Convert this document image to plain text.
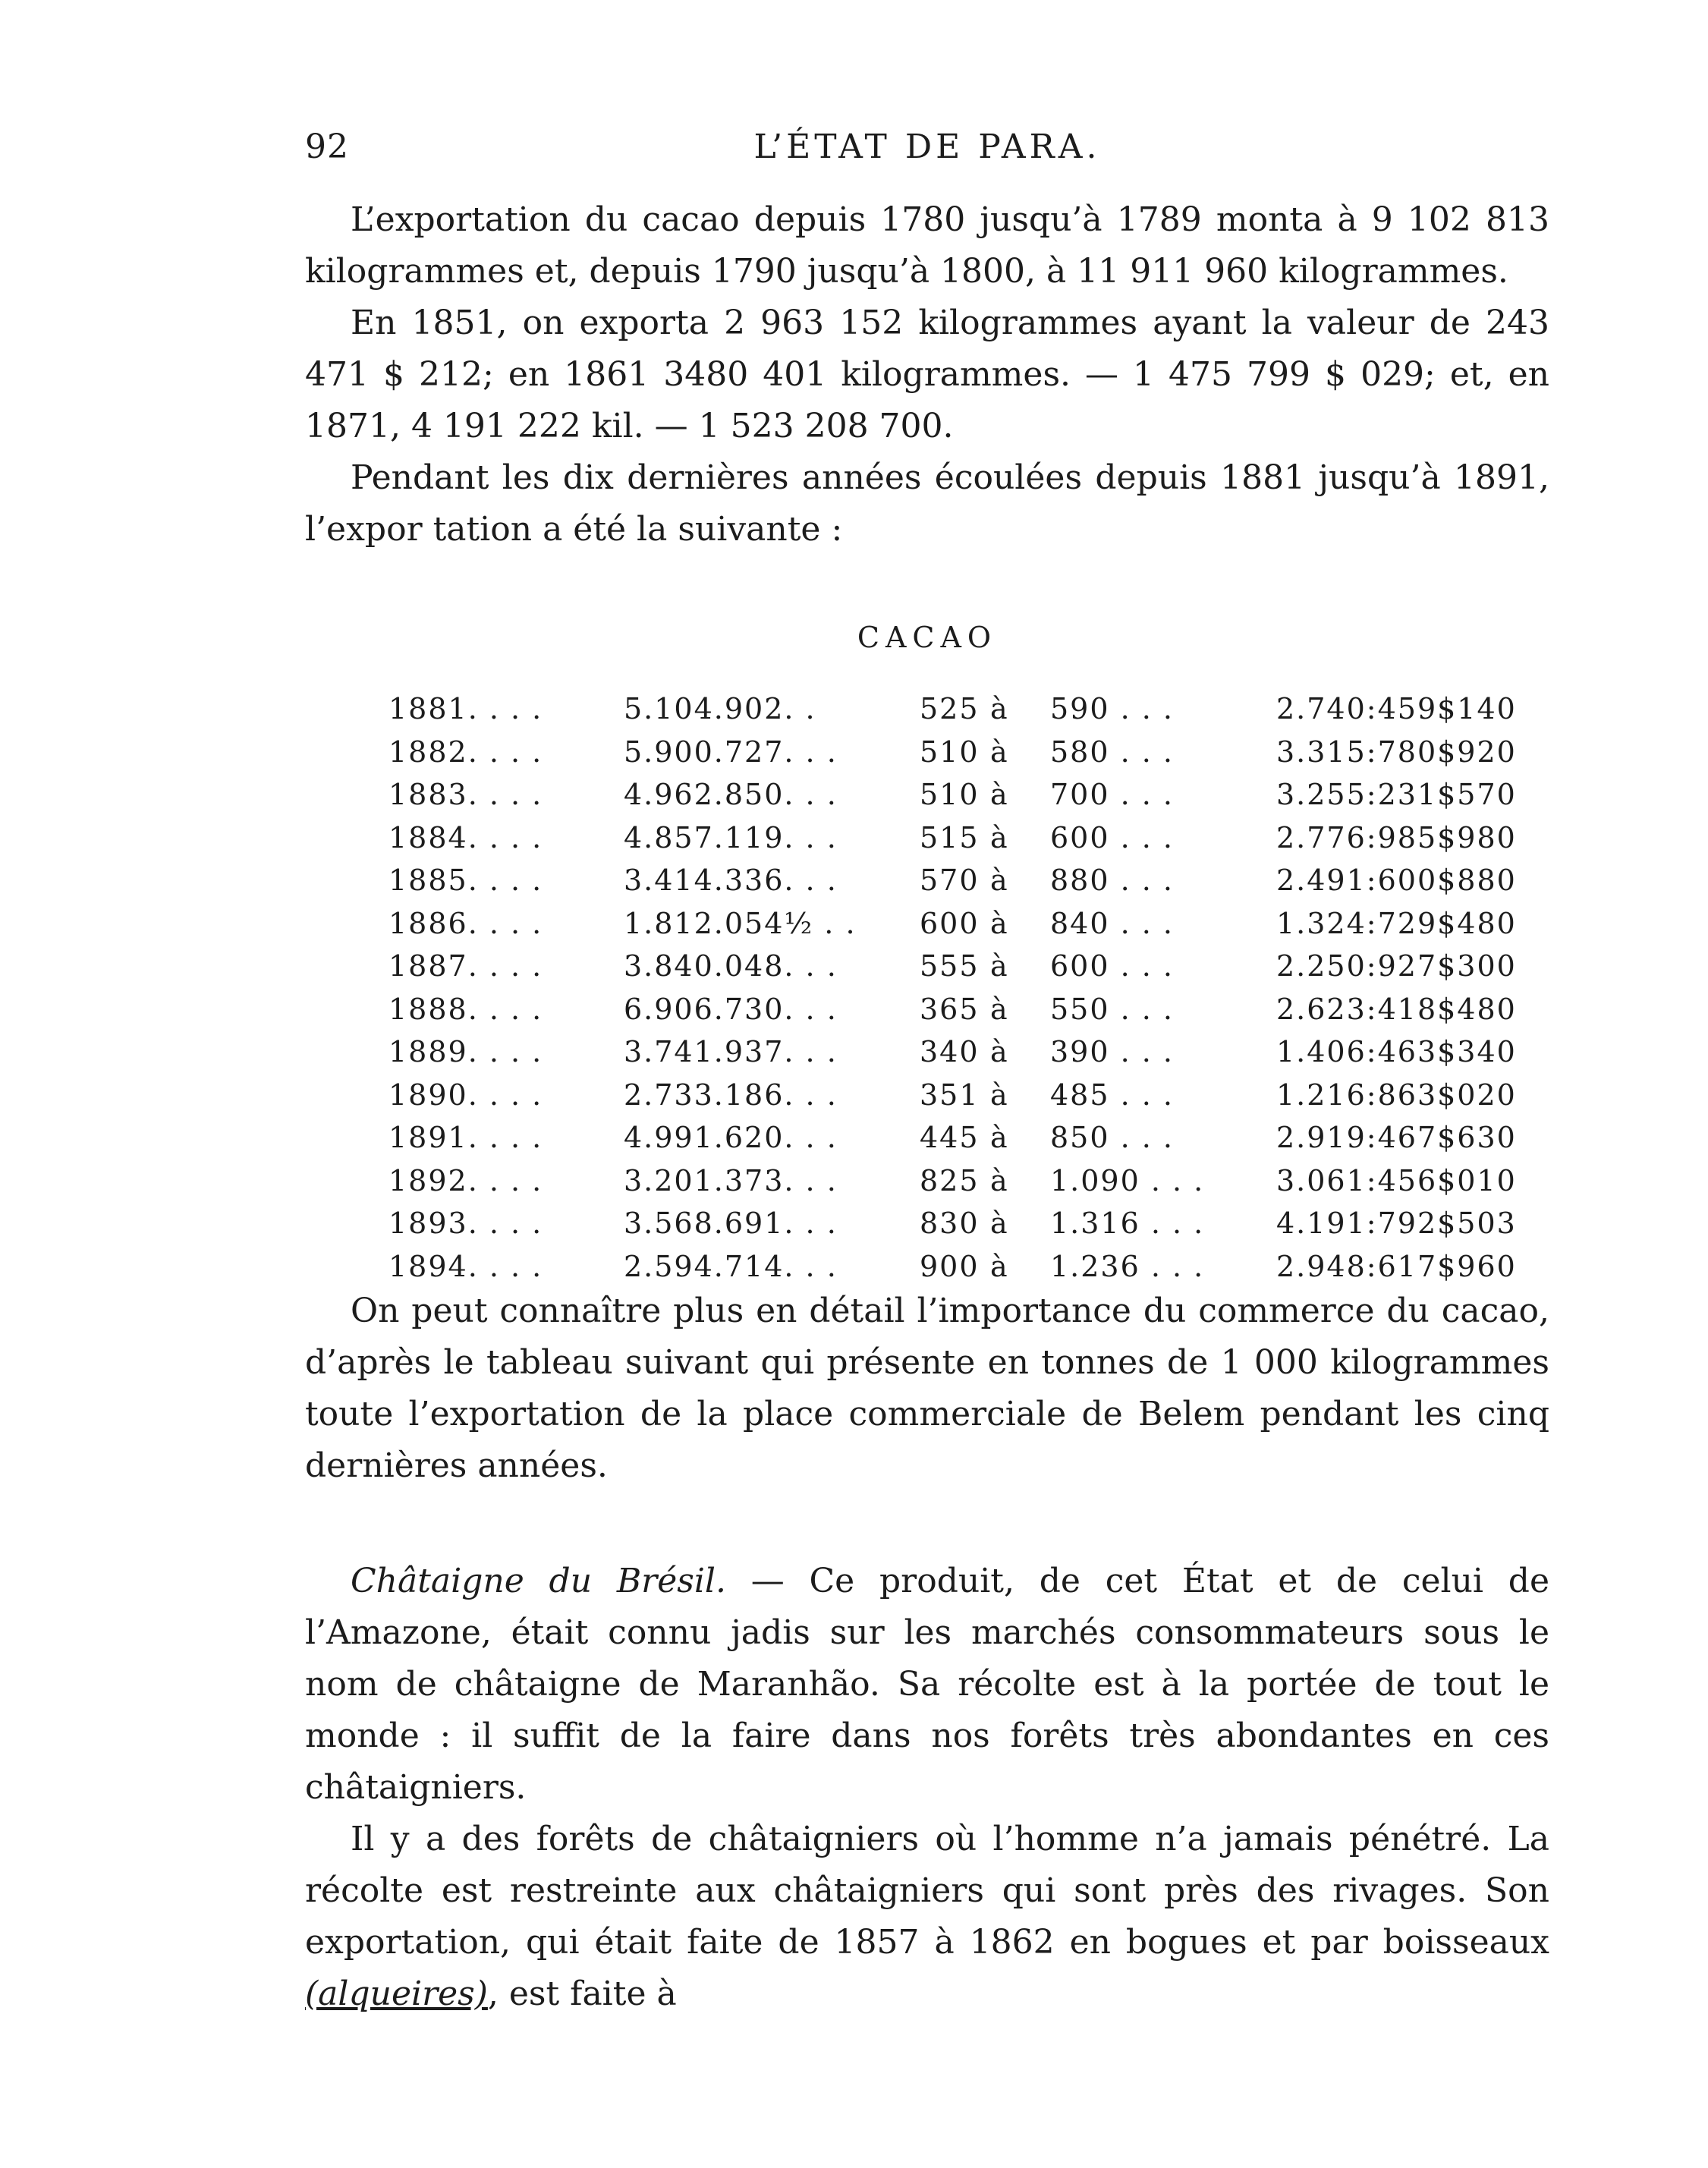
92	L’ÉTAT DE PARA.

L’exportation du cacao depuis 1780 jusqu’à 1789 monta à 9 102 813 kilogrammes et, depuis 1790 jusqu’à 1800, à 11 911 960 kilogrammes.

En 1851, on exporta 2 963 152 kilogrammes ayant la valeur de 243 471 $ 212; en 1861 3480 401 kilogrammes. — 1 475 799 $ 029; et, en 1871, 4 191 222 kil. — 1 523 208 700.

Pendant les dix dernières années écoulées depuis 1881 jusqu’à 1891, l’expor tation a été la suivante :

CACAO
1881. . . .	5.104.902. .	525 à 590 . . .	2.740:459$140
1882. . . .	5.900.727. . .	510 à 580 . . .	3.315:780$920
1883. . . .	4.962.850. . .	510 à 700 . . .	3.255:231$570
1884. . . .	4.857.119. . .	515 à 600 . . .	2.776:985$980
1885. . . .	3.414.336. . .	570 à 880 . . .	2.491:600$880
1886. . . .	1.812.054½ . . 600 à 840 . . .	1.324:729$480
1887. . . .	3.840.048. . .	555 à 600 . . .	2.250:927$300
1888. . . .	6.906.730. . .	365 à 550 . . .	2.623:418$480
1889. . . .	3.741.937. . .	340 à 390 . . .	1.406:463$340
1890. . . .	2.733.186. . .	351 à 485 . . .	1.216:863$020
1891. . . .	4.991.620. . .	445 à 850 . . .	2.919:467$630
1892. . . .	3.201.373. . .	825 à 1.090 . . . 3.061:456$010
1893. . . .	3.568.691. . .	830 à 1.316 . . . 4.191:792$503
1894. . . .	2.594.714. . .	900 à 1.236 . . . 2.948:617$960

On peut connaître plus en détail l’importance du commerce du cacao, d’après le tableau suivant qui présente en tonnes de 1 000 kilogrammes toute l’exportation de la place commerciale de Belem pendant les cinq dernières années.

Châtaigne du Brésil. — Ce produit, de cet État et de celui de l’Amazone, était connu jadis sur les marchés consommateurs sous le nom de châtaigne de Maranhão. Sa récolte est à la portée de tout le monde : il suffit de la faire dans nos forêts très abondantes en ces châtaigniers.

Il y a des forêts de châtaigniers où l’homme n’a jamais pénétré. La récolte est restreinte aux châtaigniers qui sont près des rivages. Son exportation, qui était faite de 1857 à 1862 en bogues et par boisseaux (alqueires), est faite à
